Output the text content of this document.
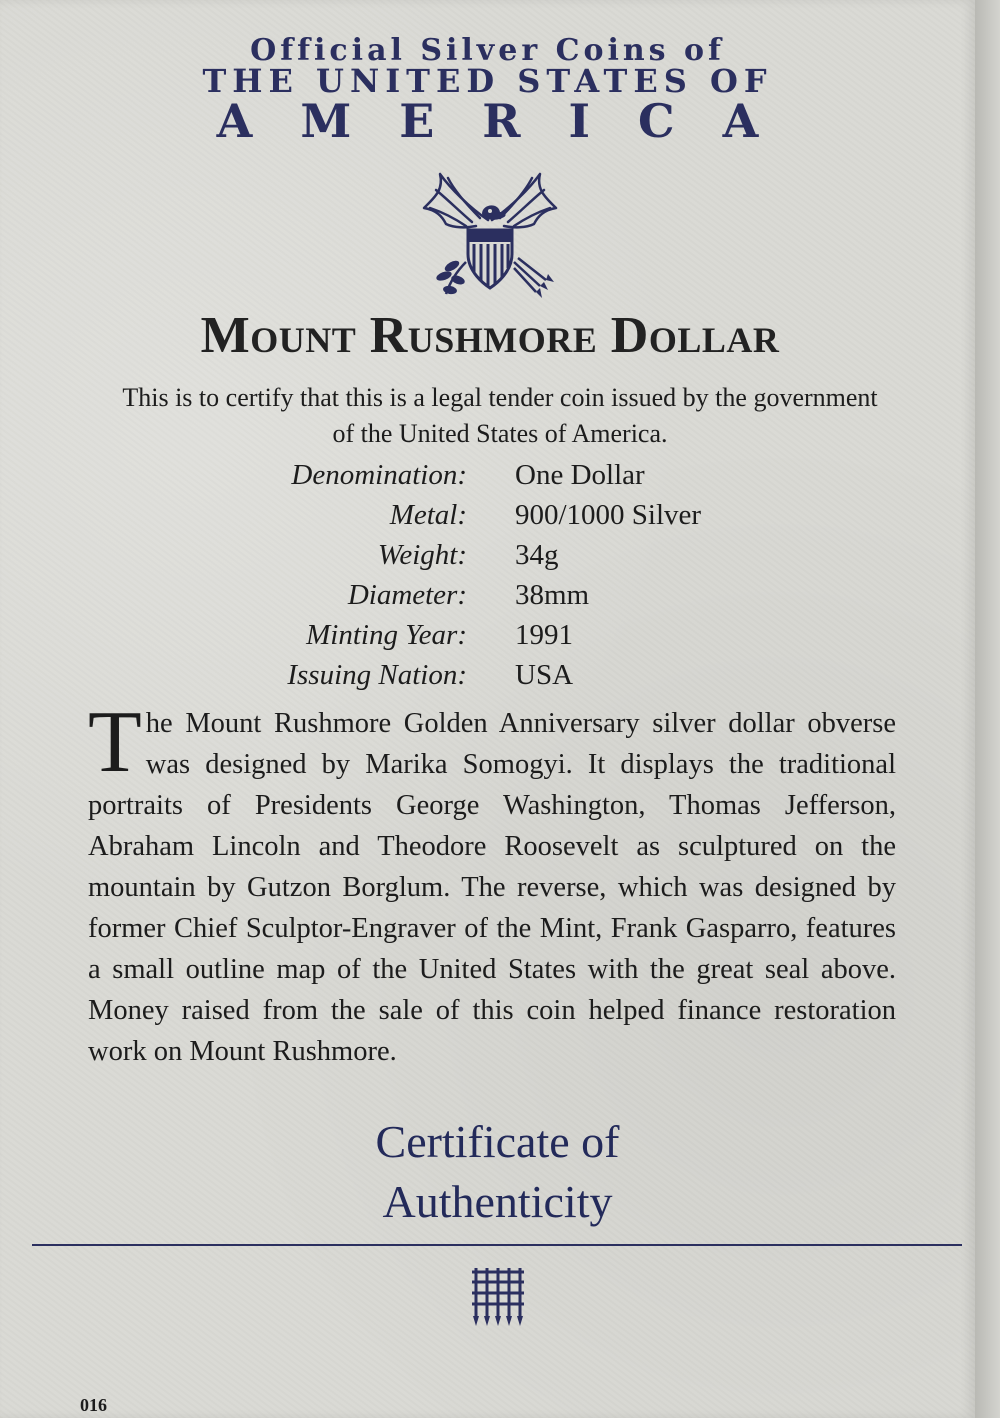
Official Silver Coins of
THE UNITED STATES OF
AMERICA
Mount Rushmore Dollar
This is to certify that this is a legal tender coin issued by the government of the United States of America.
Denomination: One Dollar
Metal: 900/1000 Silver
Weight: 34g
Diameter: 38mm
Minting Year: 1991
Issuing Nation: USA
T he Mount Rushmore Golden Anniversary silver dollar obverse was designed by Marika Somogyi. It displays the traditional portraits of Presidents George Washington, Thomas Jefferson, Abraham Lincoln and Theodore Roosevelt as sculptured on the mountain by Gutzon Borglum. The reverse, which was designed by former Chief Sculptor-Engraver of the Mint, Frank Gasparro, features a small outline map of the United States with the great seal above. Money raised from the sale of this coin helped finance restoration work on Mount Rushmore.
Certificate of
Authenticity
016
